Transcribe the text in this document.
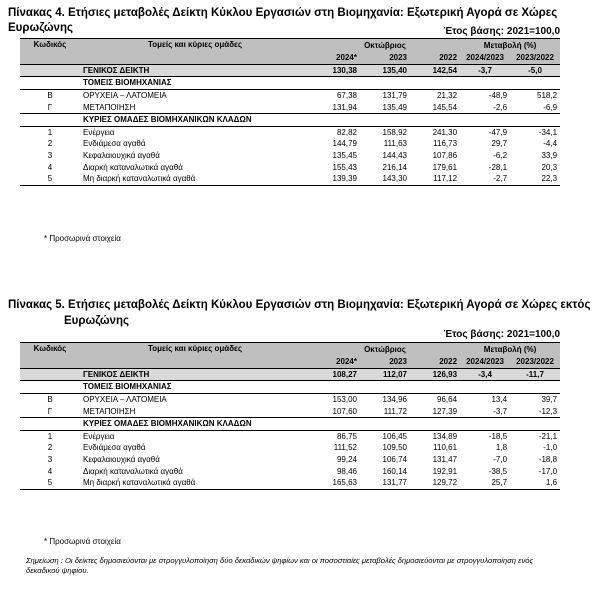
Πίνακας 4. Ετήσιες μεταβολές Δείκτη Κύκλου Εργασιών στη Βιομηχανία: Εξωτερική Αγορά σε Χώρες Ευρωζώνης	Έτος βάσης: 2021=100,0
Κωδικός	Τομείς και κύριες ομάδες	Οκτώβριος			Μεταβολή (%)	
		2024*	2023	2022	2024/2023	2023/2022
	ΓΕΝΙΚΟΣ ΔΕΙΚΤΗ	130,38	135,40	142,54	-3,7	-5,0
	ΤΟΜΕΙΣ ΒΙΟΜΗΧΑΝΙΑΣ					
B	ΟΡΥΧΕΙΑ – ΛΑΤΟΜΕΙΑ	67,38	131,79	21,32	-48,9	518,2
Γ	ΜΕΤΑΠΟΙΗΣΗ	131,94	135,49	145,54	-2,6	-6,9
	ΚΥΡΙΕΣ ΟΜΑΔΕΣ ΒΙΟΜΗΧΑΝΙΚΩΝ ΚΛΑΔΩΝ					
1	Ενέργεια	82,82	158,92	241,30	-47,9	-34,1
2	Ενδιάμεσα αγαθά	144,79	111,63	116,73	29,7	-4,4
3	Κεφαλαιουχικά αγαθά	135,45	144,43	107,86	-6,2	33,9
4	Διαρκή καταναλωτικά αγαθά	155,43	216,14	179,61	-28,1	20,3
5	Μη διαρκή καταναλωτικά αγαθά	139,39	143,30	117,12	-2,7	22,3
* Προσωρινά στοιχεία
Πίνακας 5. Ετήσιες μεταβολές Δείκτη Κύκλου Εργασιών στη Βιομηχανία: Εξωτερική Αγορά σε Χώρες εκτός
Ευρωζώνης
Έτος βάσης: 2021=100,0
Κωδικός	Τομείς και κύριες ομάδες	Οκτώβριος			Μεταβολή (%)	
		2024*	2023	2022	2024/2023	2023/2022
	ΓΕΝΙΚΟΣ ΔΕΙΚΤΗ	108,27	112,07	126,93	-3,4	-11,7
	ΤΟΜΕΙΣ ΒΙΟΜΗΧΑΝΙΑΣ					
B	ΟΡΥΧΕΙΑ – ΛΑΤΟΜΕΙΑ	153,00	134,96	96,64	13,4	39,7
Γ	ΜΕΤΑΠΟΙΗΣΗ	107,60	111,72	127,39	-3,7	-12,3
	ΚΥΡΙΕΣ ΟΜΑΔΕΣ ΒΙΟΜΗΧΑΝΙΚΩΝ ΚΛΑΔΩΝ					
1	Ενέργεια	86,75	106,45	134,89	-18,5	-21,1
2	Ενδιάμεσα αγαθά	111,52	109,50	110,61	1,8	-1,0
3	Κεφαλαιουχικά αγαθά	99,24	106,74	131,47	-7,0	-18,8
4	Διαρκή καταναλωτικά αγαθά	98,46	160,14	192,91	-38,5	-17,0
5	Μη διαρκή καταναλωτικά αγαθά	165,63	131,77	129,72	25,7	1,6
* Προσωρινά στοιχεία
Σημείωση : Οι δείκτες δημοσιεύονται με στρογγυλοποίηση δύο δεκαδικών ψηφίων και οι ποσοστιαίες μεταβολές δημοσιεύονται με στρογγυλοποίηση ενός δεκαδικού ψηφίου.
